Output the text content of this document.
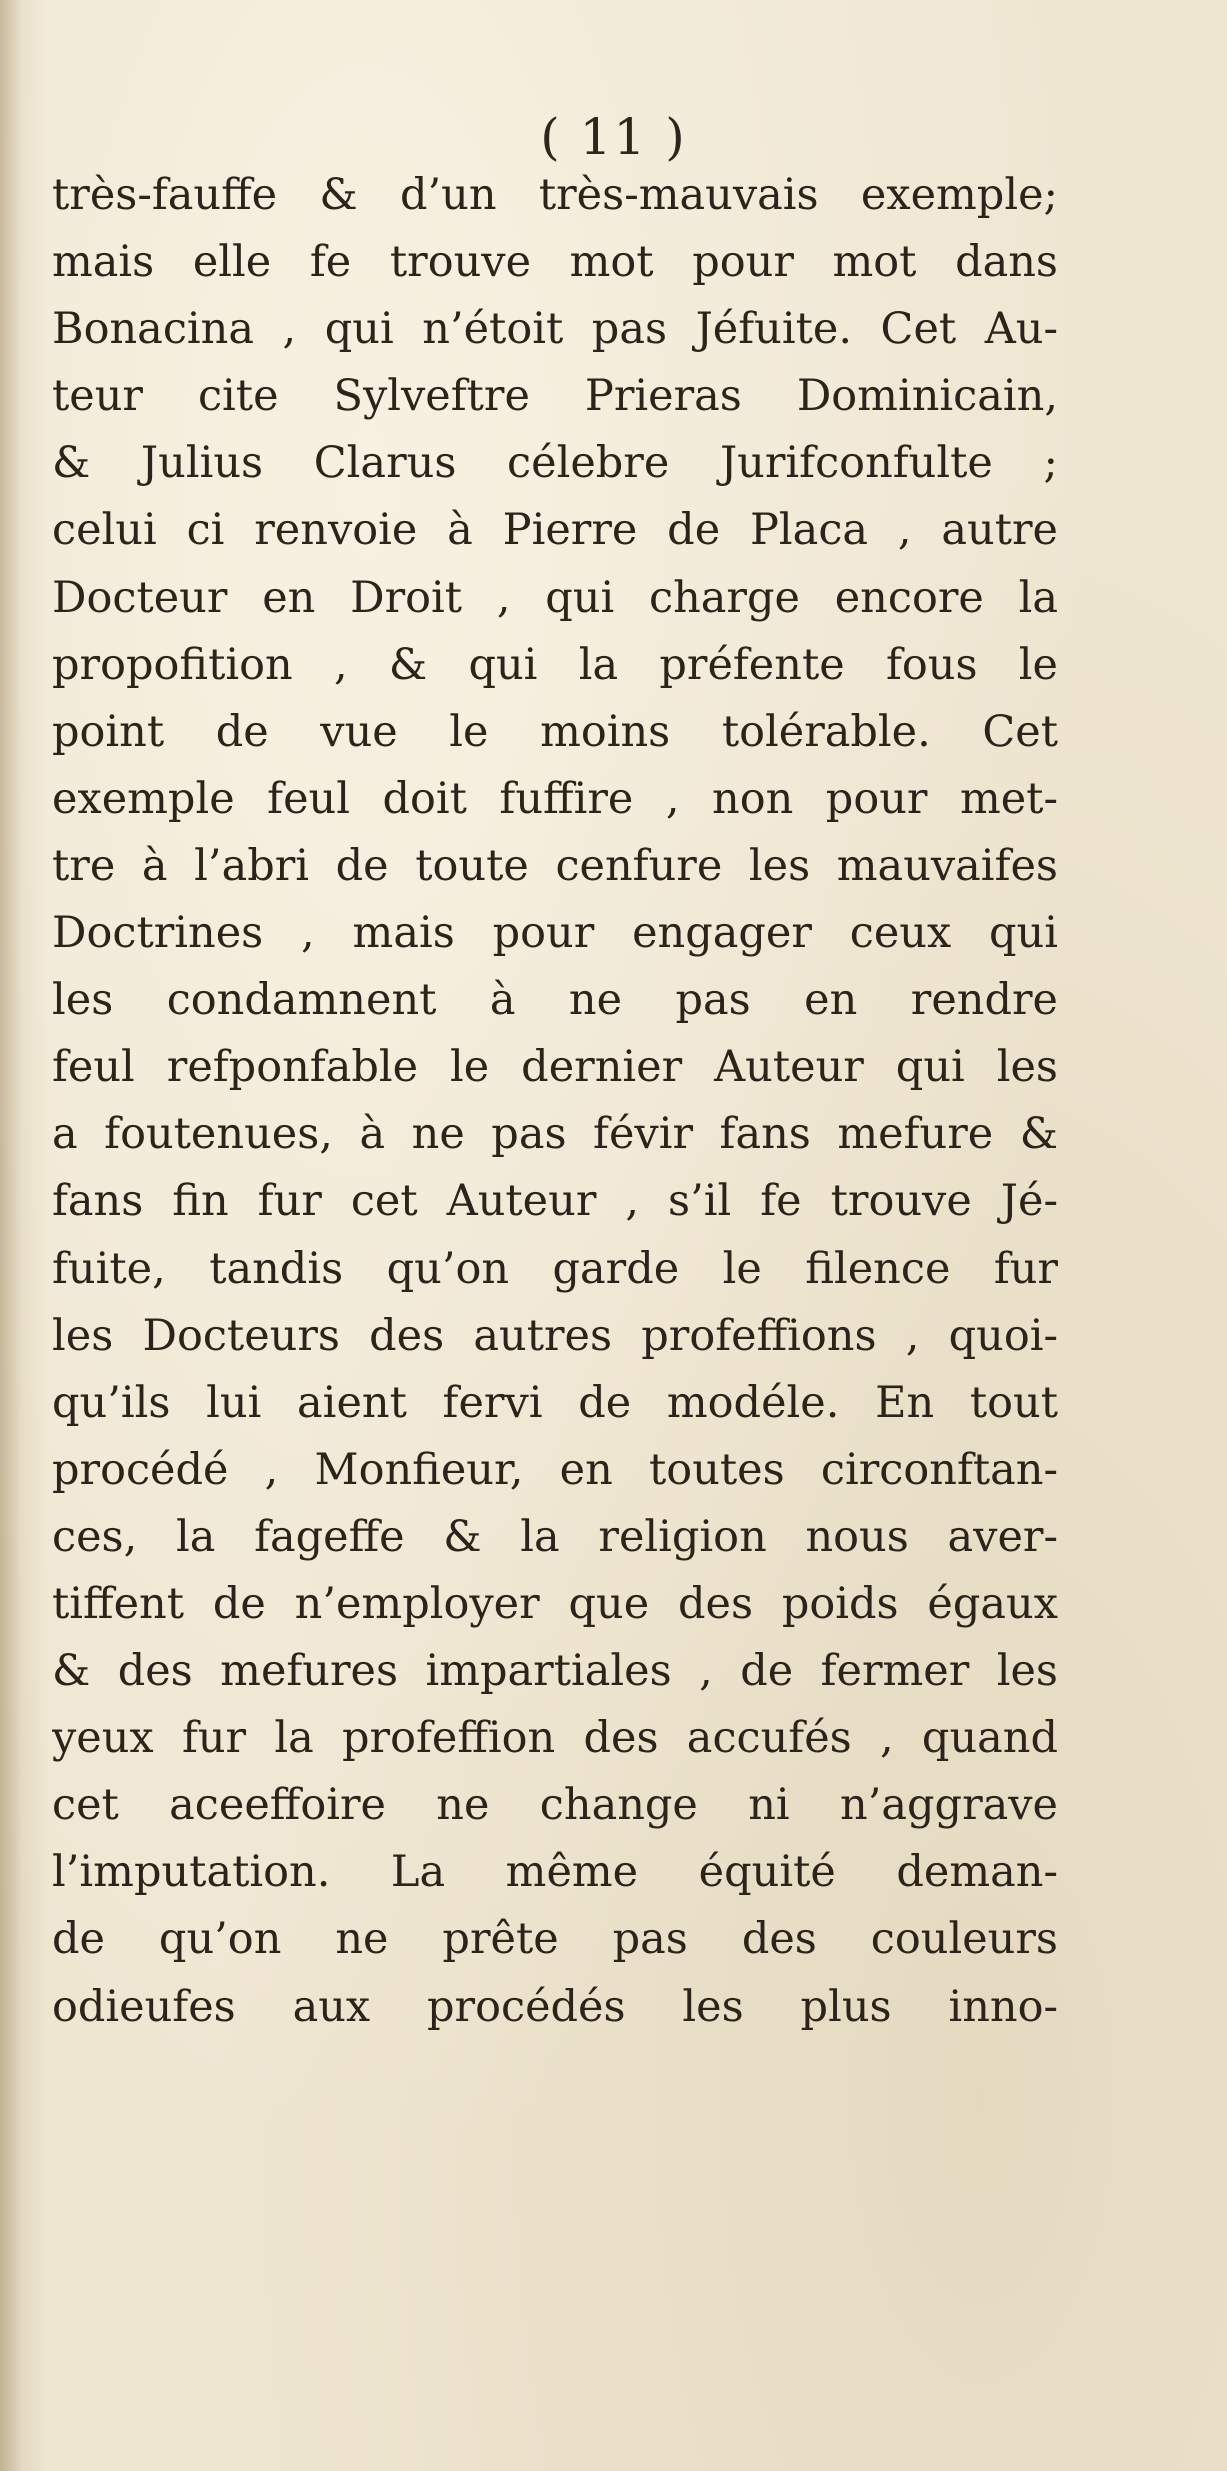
( 11 )
très-fauffe & d’un très-mauvais exemple;
mais elle fe trouve mot pour mot dans
Bonacina , qui n’étoit pas Jéfuite. Cet Au-
teur cite Sylveftre Prieras Dominicain,
& Julius Clarus célebre Jurifconfulte ;
celui ci renvoie à Pierre de Placa , autre
Docteur en Droit , qui charge encore la
propofition , & qui la préfente fous le
point de vue le moins tolérable. Cet
exemple feul doit fuffire , non pour met-
tre à l’abri de toute cenfure les mauvaifes
Doctrines , mais pour engager ceux qui
les condamnent à ne pas en rendre
feul refponfable le dernier Auteur qui les
a foutenues, à ne pas févir fans mefure &
fans fin fur cet Auteur , s’il fe trouve Jé-
fuite, tandis qu’on garde le filence fur
les Docteurs des autres profeffions , quoi-
qu’ils lui aient fervi de modéle. En tout
procédé , Monfieur, en toutes circonftan-
ces, la fageffe & la religion nous aver-
tiffent de n’employer que des poids égaux
& des mefures impartiales , de fermer les
yeux fur la profeffion des accufés , quand
cet aceeffoire ne change ni n’aggrave
l’imputation. La même équité deman-
de qu’on ne prête pas des couleurs
odieufes aux procédés les plus inno-
